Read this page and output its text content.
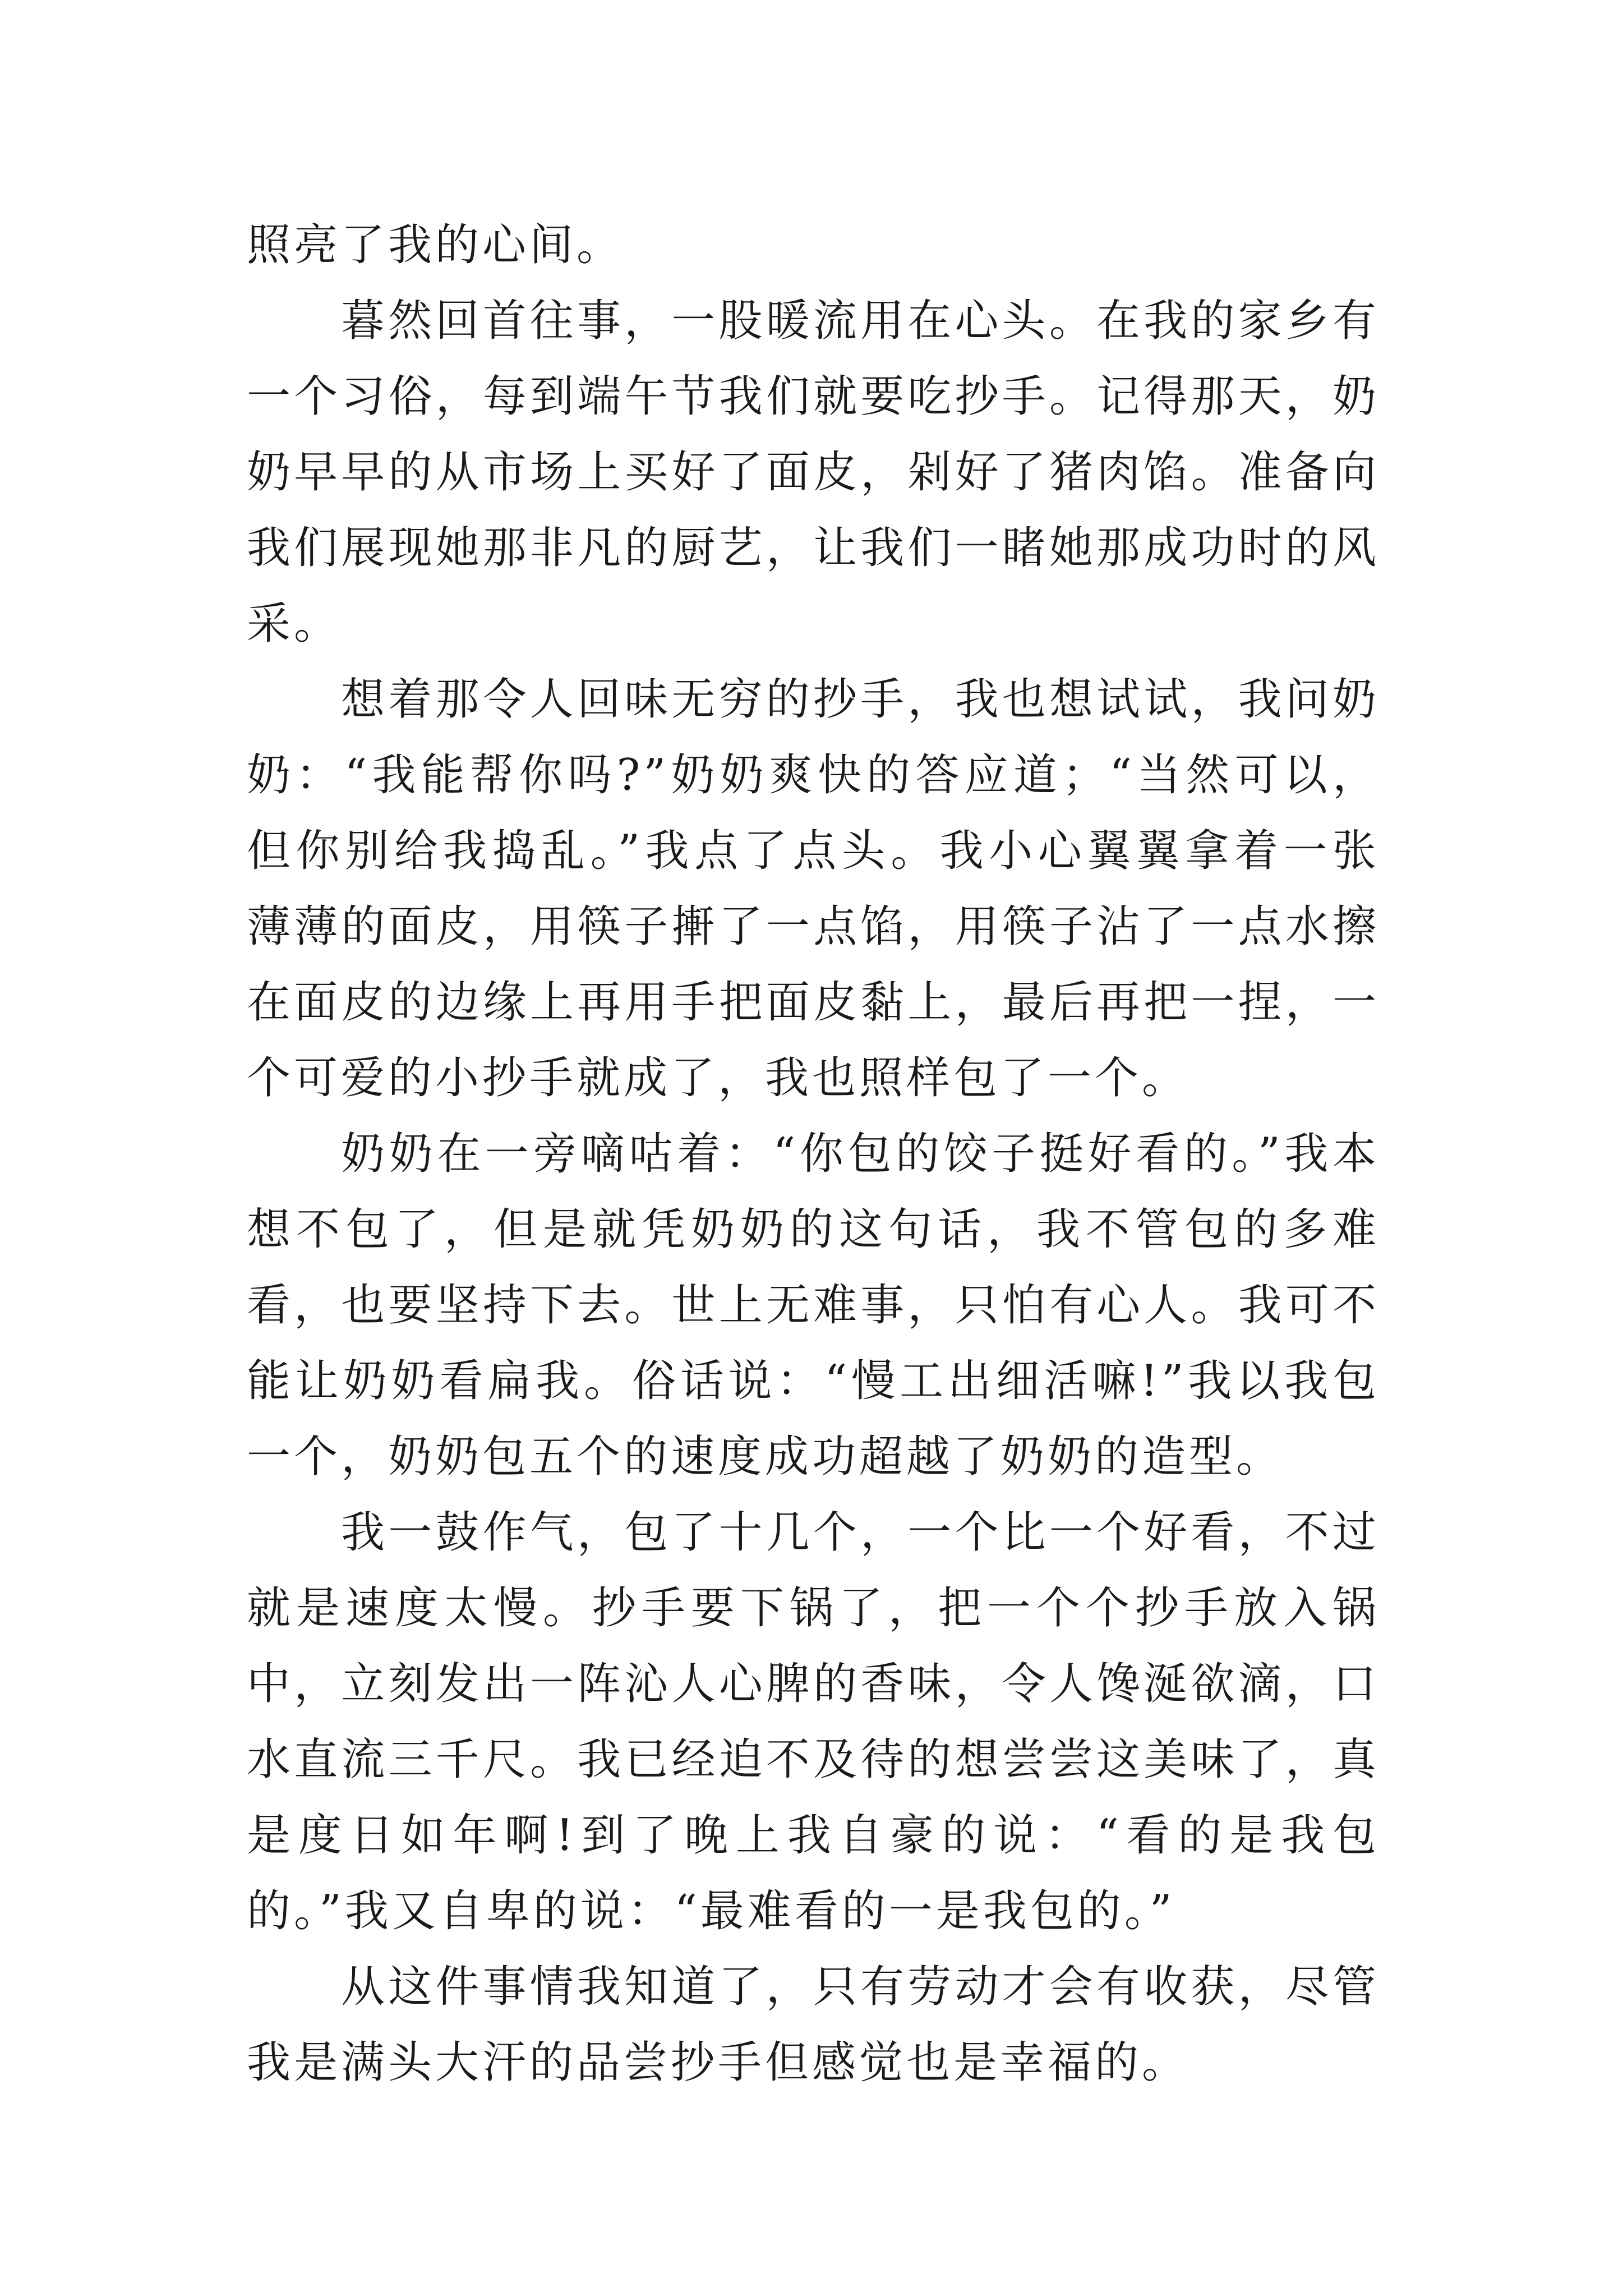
照亮了我的心间。

暮然回首往事，一股暖流用在心头。在我的家乡有一个习俗，每到端午节我们就要吃抄手。记得那天，奶奶早早的从市场上买好了面皮，剁好了猪肉馅。准备向我们展现她那非凡的厨艺，让我们一睹她那成功时的风采。

想着那令人回味无穷的抄手，我也想试试，我问奶奶：“我能帮你吗?”奶奶爽快的答应道；“当然可以，但你别给我捣乱。”我点了点头。我小心翼翼拿着一张薄薄的面皮，用筷子搟了一点馅，用筷子沾了一点水擦在面皮的边缘上再用手把面皮黏上，最后再把一捏，一个可爱的小抄手就成了，我也照样包了一个。

奶奶在一旁嘀咕着：“你包的饺子挺好看的。”我本想不包了，但是就凭奶奶的这句话，我不管包的多难看，也要坚持下去。世上无难事，只怕有心人。我可不能让奶奶看扁我。俗话说：“慢工出细活嘛!”我以我包一个，奶奶包五个的速度成功超越了奶奶的造型。

我一鼓作气，包了十几个，一个比一个好看，不过就是速度太慢。抄手要下锅了，把一个个抄手放入锅中，立刻发出一阵沁人心脾的香味，令人馋涎欲滴，口水直流三千尺。我已经迫不及待的想尝尝这美味了，真是度日如年啊!到了晚上我自豪的说：“看的是我包的。”我又自卑的说：“最难看的一是我包的。”

从这件事情我知道了，只有劳动才会有收获，尽管我是满头大汗的品尝抄手但感觉也是幸福的。
